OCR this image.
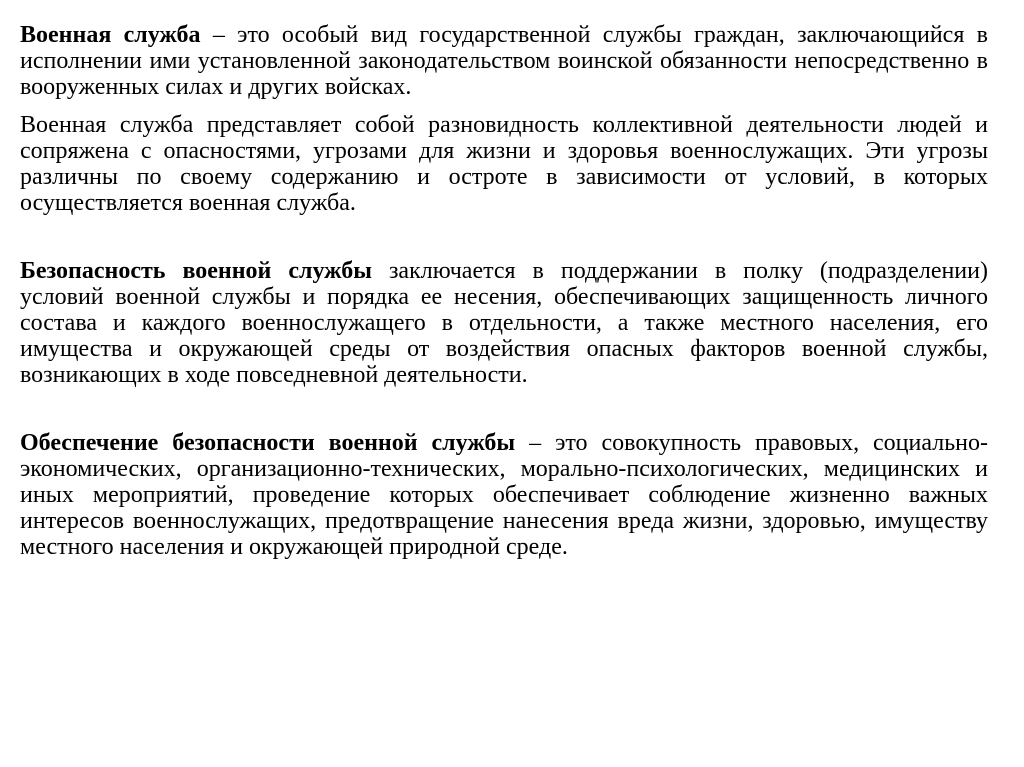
Военная служба – это особый вид государственной службы граждан, заключающийся в исполнении ими установленной законодательством воинской обязанности непосредственно в вооруженных силах и других войсках.

Военная служба представляет собой разновидность коллективной деятельности людей и сопряжена с опасностями, угрозами для жизни и здоровья военнослужащих. Эти угрозы различны по своему содержанию и остроте в зависимости от условий, в которых осуществляется военная служба.

Безопасность военной службы заключается в поддержании в полку (подразделении) условий военной службы и порядка ее несения, обеспечивающих защищенность личного состава и каждого военнослужащего в отдельности, а также местного населения, его имущества и окружающей среды от воздействия опасных факторов военной службы, возникающих в ходе повседневной деятельности.

Обеспечение безопасности военной службы – это совокупность правовых, социально-экономических, организационно-технических, морально-психологических, медицинских и иных мероприятий, проведение которых обеспечивает соблюдение жизненно важных интересов военнослужащих, предотвращение нанесения вреда жизни, здоровью, имуществу местного населения и окружающей природной среде.
